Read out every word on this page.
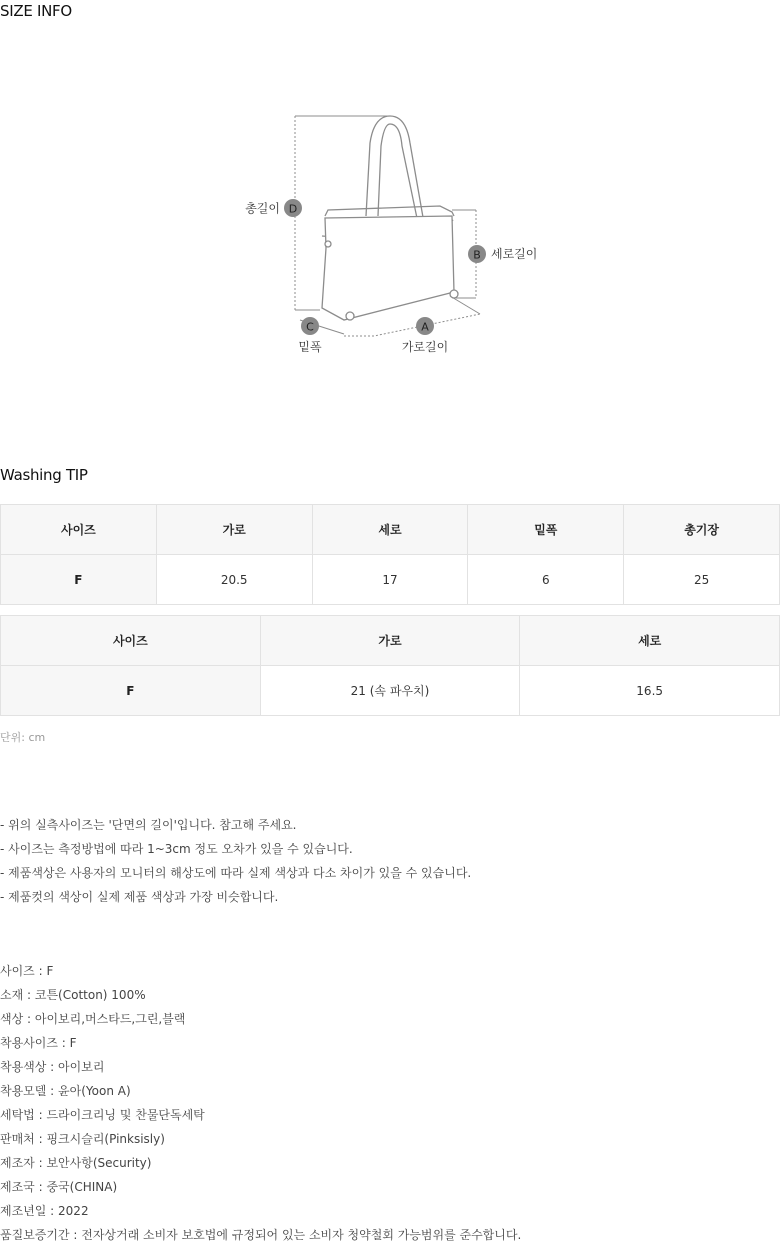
SIZE INFO
D
총길이
B 세로길이
C
밑폭
A
가로길이
Washing TIP
사이즈	가로	세로	밑폭	총기장
F	20.5	17	6	25
사이즈	가로	세로
F	21 (속 파우치)	16.5
단위: cm
- 위의 실측사이즈는 '단면의 길이'입니다. 참고해 주세요.
- 사이즈는 측정방법에 따라 1~3cm 정도 오차가 있을 수 있습니다.
- 제품색상은 사용자의 모니터의 해상도에 따라 실제 색상과 다소 차이가 있을 수 있습니다.
- 제품컷의 색상이 실제 제품 색상과 가장 비슷합니다.
사이즈 : F
소재 : 코튼(Cotton) 100%
색상 : 아이보리,머스타드,그린,블랙
착용사이즈 : F
착용색상 : 아이보리
착용모델 : 윤아(Yoon A)
세탁법 : 드라이크리닝 및 찬물단독세탁
판매처 : 핑크시슬리(Pinksisly)
제조자 : 보안사항(Security)
제조국 : 중국(CHINA)
제조년일 : 2022
품질보증기간 : 전자상거래 소비자 보호법에 규정되어 있는 소비자 청약철회 가능범위를 준수합니다.
